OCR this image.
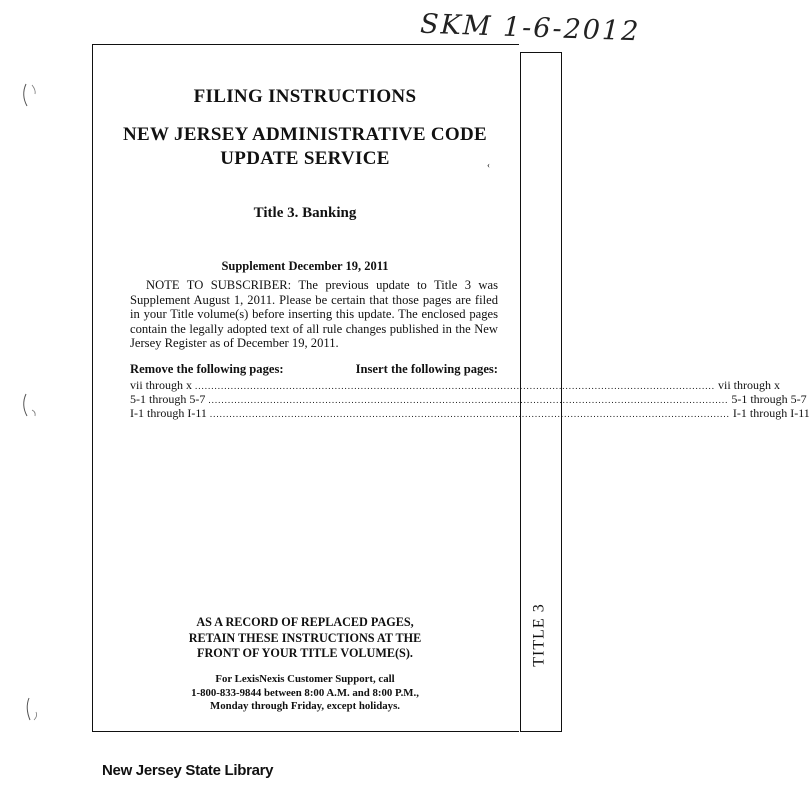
SKM 1-6-2012
TITLE 3
FILING INSTRUCTIONS
NEW JERSEY ADMINISTRATIVE CODE
UPDATE SERVICE	‹
Title 3. Banking
Supplement December 19, 2011

NOTE TO SUBSCRIBER: The previous update to Title 3 was Supplement August 1, 2011. Please be certain that those pages are filed in your Title volume(s) before inserting this update. The enclosed pages contain the legally adopted text of all rule changes published in the New Jersey Register as of December 19, 2011.

Remove the following pages:	Insert the following pages:
vii through x ................................................................................................................................................................ vii through x
5-1 through 5-7 ................................................................................................................................................................ 5-1 through 5-7
I-1 through I-11 ................................................................................................................................................................ I-1 through I-11
AS A RECORD OF REPLACED PAGES,
RETAIN THESE INSTRUCTIONS AT THE
FRONT OF YOUR TITLE VOLUME(S).
For LexisNexis Customer Support, call
1-800-833-9844 between 8:00 A.M. and 8:00 P.M.,
Monday through Friday, except holidays.
New Jersey State Library
